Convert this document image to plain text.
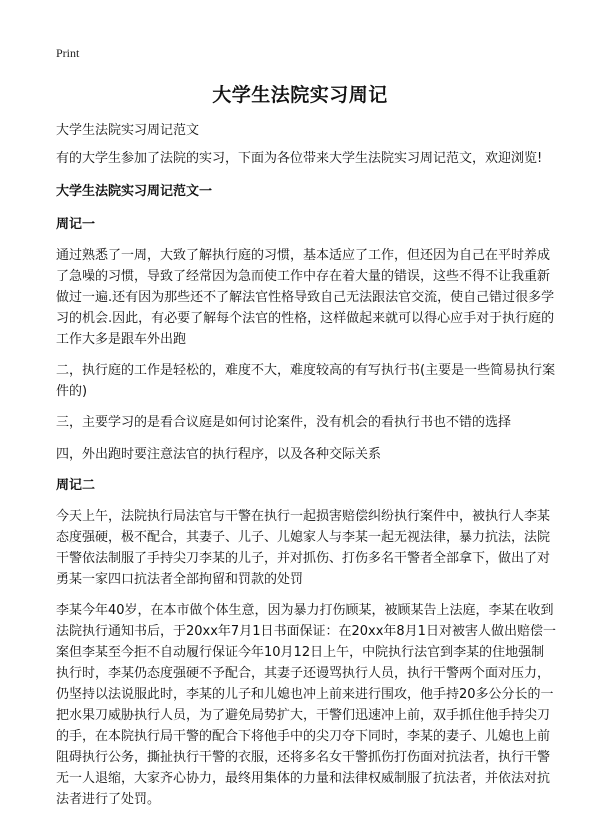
Print
大学生法院实习周记

大学生法院实习周记范文

有的大学生参加了法院的实习，下面为各位带来大学生法院实习周记范文，欢迎浏览!

大学生法院实习周记范文一
周记一

通过熟悉了一周，大致了解执行庭的习惯，基本适应了工作，但还因为自己在平时养成了急噪的习惯，导致了经常因为急而使工作中存在着大量的错误，这些不得不让我重新做过一遍.还有因为那些还不了解法官性格导致自己无法跟法官交流，使自己错过很多学习的机会.因此，有必要了解每个法官的性格，这样做起来就可以得心应手对于执行庭的工作大多是跟车外出跑

二，执行庭的工作是轻松的，难度不大，难度较高的有写执行书(主要是一些简易执行案件的)

三，主要学习的是看合议庭是如何讨论案件，没有机会的看执行书也不错的选择

四，外出跑时要注意法官的执行程序，以及各种交际关系

周记二

今天上午，法院执行局法官与干警在执行一起损害赔偿纠纷执行案件中，被执行人李某态度强硬，极不配合，其妻子、儿子、儿媳家人与李某一起无视法律，暴力抗法，法院干警依法制服了手持尖刀李某的儿子，并对抓伤、打伤多名干警者全部拿下，做出了对勇某一家四口抗法者全部拘留和罚款的处罚

李某今年40岁，在本市做个体生意，因为暴力打伤顾某，被顾某告上法庭，李某在收到法院执行通知书后，于20xx年7月1日书面保证：在20xx年8月1日对被害人做出赔偿一案但李某至今拒不自动履行保证今年10月12日上午，中院执行法官到李某的住地强制执行时，李某仍态度强硬不予配合，其妻子还谩骂执行人员，执行干警两个面对压力，仍坚持以法说服此时，李某的儿子和儿媳也冲上前来进行围攻，他手持20多公分长的一把水果刀威胁执行人员，为了避免局势扩大，干警们迅速冲上前，双手抓住他手持尖刀的手，在本院执行局干警的配合下将他手中的尖刀夺下同时，李某的妻子、儿媳也上前阻碍执行公务，撕扯执行干警的衣服，还将多名女干警抓伤打伤面对抗法者，执行干警无一人退缩，大家齐心协力，最终用集体的力量和法律权威制服了抗法者，并依法对抗法者进行了处罚。
